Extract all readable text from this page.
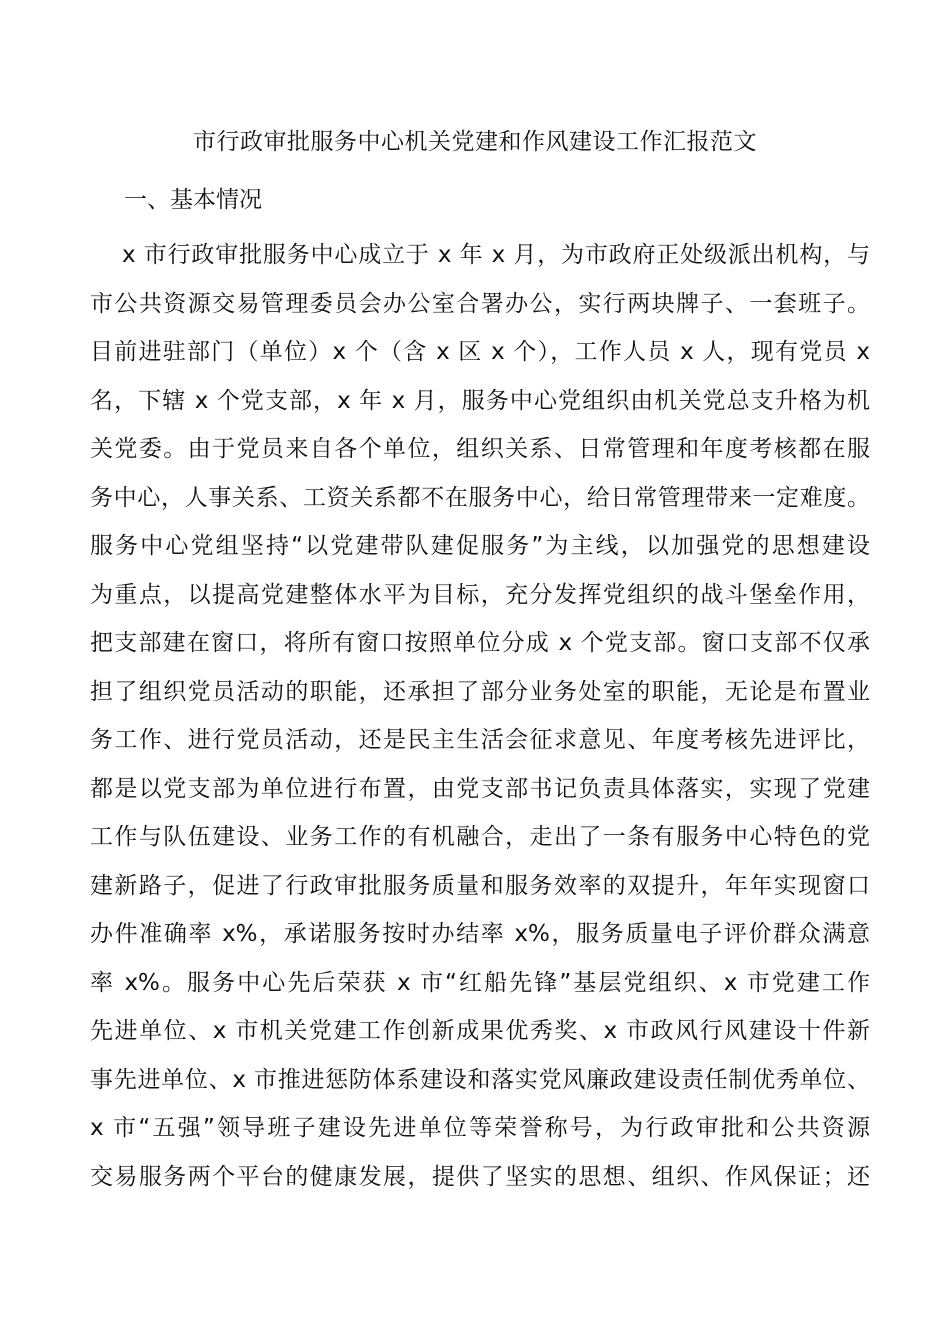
市行政审批服务中心机关党建和作风建设工作汇报范文
一、基本情况
x 市行政审批服务中心成立于 x 年 x 月，为市政府正处级派出机构，与
市公共资源交易管理委员会办公室合署办公，实行两块牌子、一套班子。
目前进驻部门（单位）x 个（含 x 区 x 个），工作人员 x 人，现有党员 x
名，下辖 x 个党支部，x 年 x 月，服务中心党组织由机关党总支升格为机
关党委。由于党员来自各个单位，组织关系、日常管理和年度考核都在服
务中心，人事关系、工资关系都不在服务中心，给日常管理带来一定难度。
服务中心党组坚持“以党建带队建促服务”为主线，以加强党的思想建设
为重点，以提高党建整体水平为目标，充分发挥党组织的战斗堡垒作用，
把支部建在窗口，将所有窗口按照单位分成 x 个党支部。窗口支部不仅承
担了组织党员活动的职能，还承担了部分业务处室的职能，无论是布置业
务工作、进行党员活动，还是民主生活会征求意见、年度考核先进评比，
都是以党支部为单位进行布置，由党支部书记负责具体落实，实现了党建
工作与队伍建设、业务工作的有机融合，走出了一条有服务中心特色的党
建新路子，促进了行政审批服务质量和服务效率的双提升，年年实现窗口
办件准确率 x%，承诺服务按时办结率 x%，服务质量电子评价群众满意
率 x%。服务中心先后荣获 x 市“红船先锋”基层党组织、x 市党建工作
先进单位、x 市机关党建工作创新成果优秀奖、x 市政风行风建设十件新
事先进单位、x 市推进惩防体系建设和落实党风廉政建设责任制优秀单位、
x 市“五强”领导班子建设先进单位等荣誉称号，为行政审批和公共资源
交易服务两个平台的健康发展，提供了坚实的思想、组织、作风保证；还
